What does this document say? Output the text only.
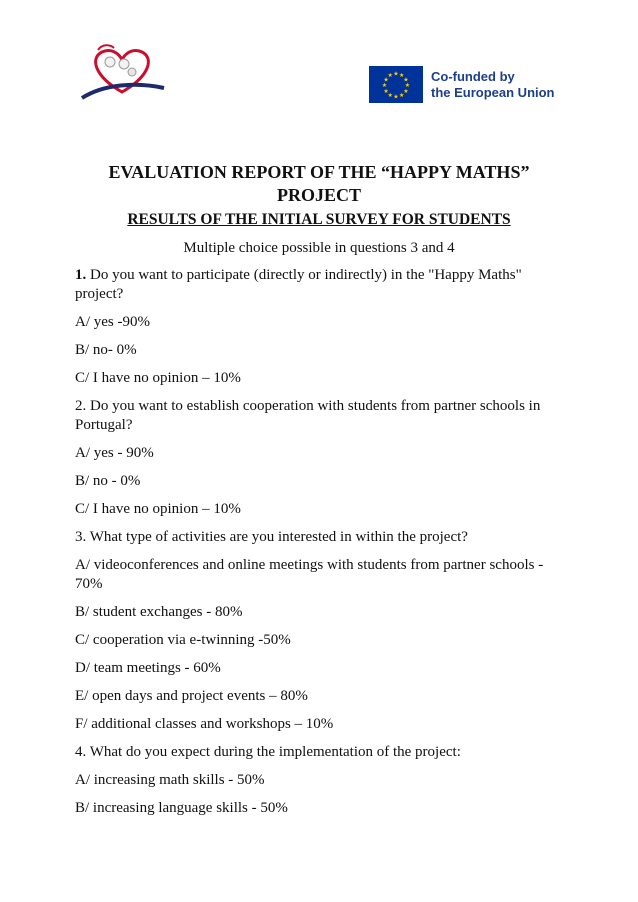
★ ★
★
★
★
★
★
★
★
★
★
★	Co-funded by
the European Union
EVALUATION REPORT OF THE “HAPPY MATHS” PROJECT
RESULTS OF THE INITIAL SURVEY FOR STUDENTS
Multiple choice possible in questions 3 and 4

1. Do you want to participate (directly or indirectly) in the "Happy Maths" project?

A/ yes -90%

B/ no- 0%

C/ I have no opinion – 10%

2. Do you want to establish cooperation with students from partner schools in Portugal?

A/ yes - 90%

B/ no - 0%

C/ I have no opinion – 10%

3. What type of activities are you interested in within the project?

A/ videoconferences and online meetings with students from partner schools - 70%

B/ student exchanges - 80%

C/ cooperation via e-twinning -50%

D/ team meetings - 60%

E/ open days and project events – 80%

F/ additional classes and workshops – 10%

4. What do you expect during the implementation of the project:

A/ increasing math skills - 50%

B/ increasing language skills - 50%
